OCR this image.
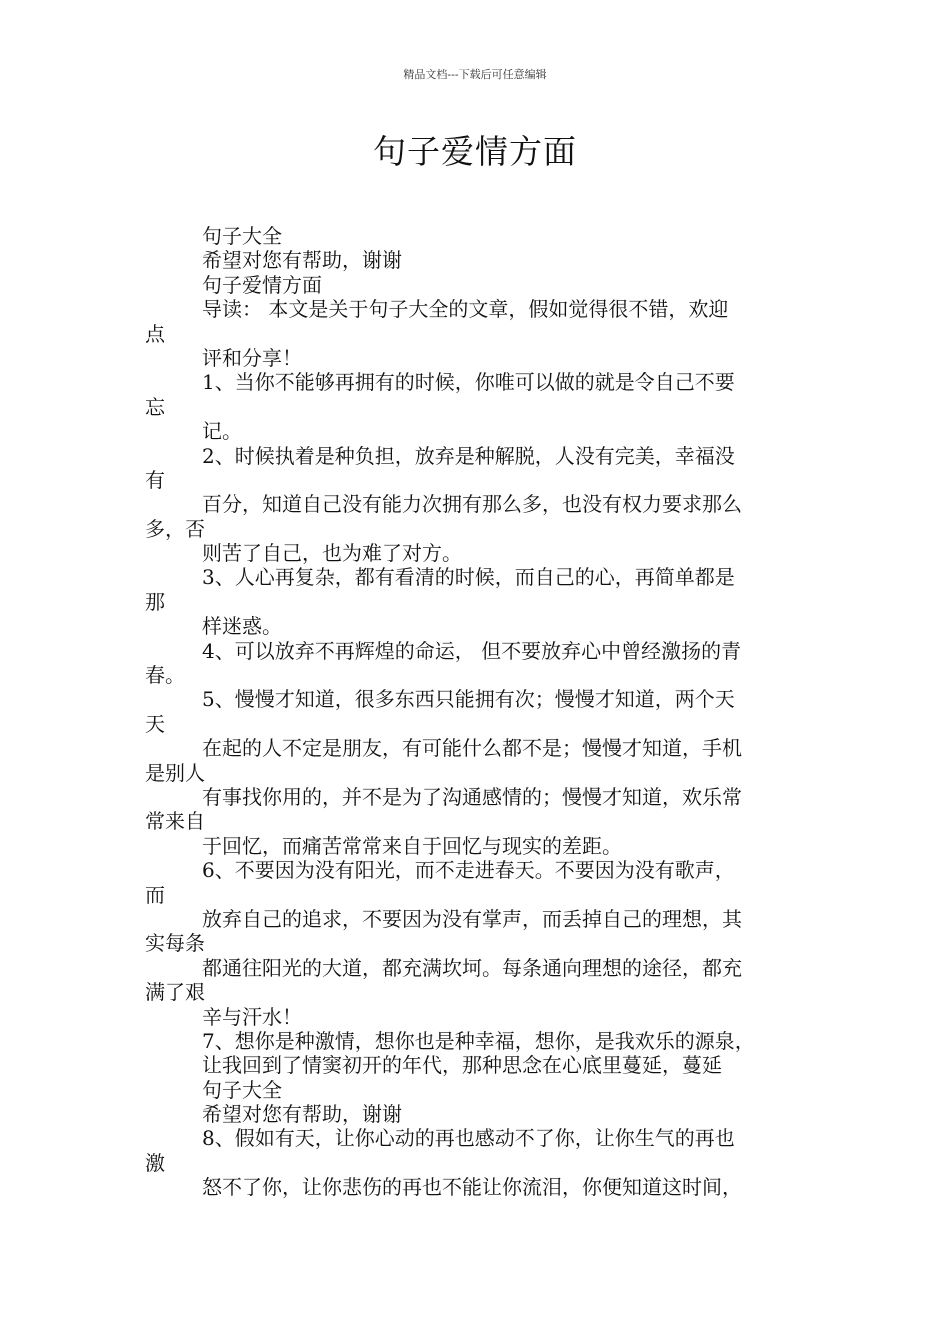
精品文档---下载后可任意编辑
句子爱情方面
句子大全
希望对您有帮助，谢谢
句子爱情方面
导读： 本文是关于句子大全的文章，假如觉得很不错，欢迎
点
评和分享！
1、当你不能够再拥有的时候，你唯可以做的就是令自己不要
忘
记。
2、时候执着是种负担，放弃是种解脱，人没有完美，幸福没
有
百分，知道自己没有能力次拥有那么多，也没有权力要求那么
多，否
则苦了自己，也为难了对方。
3、人心再复杂，都有看清的时候，而自己的心，再简单都是
那
样迷惑。
4、可以放弃不再辉煌的命运， 但不要放弃心中曾经激扬的青
春。
5、慢慢才知道，很多东西只能拥有次；慢慢才知道，两个天
天
在起的人不定是朋友，有可能什么都不是；慢慢才知道，手机
是别人
有事找你用的，并不是为了沟通感情的；慢慢才知道，欢乐常
常来自
于回忆，而痛苦常常来自于回忆与现实的差距。
6、不要因为没有阳光，而不走进春天。不要因为没有歌声，
而
放弃自己的追求，不要因为没有掌声，而丢掉自己的理想，其
实每条
都通往阳光的大道，都充满坎坷。每条通向理想的途径，都充
满了艰
辛与汗水！
7、想你是种激情，想你也是种幸福，想你，是我欢乐的源泉，
让我回到了情窦初开的年代，那种思念在心底里蔓延，蔓延
句子大全
希望对您有帮助，谢谢
8、假如有天，让你心动的再也感动不了你，让你生气的再也
激
怒不了你，让你悲伤的再也不能让你流泪，你便知道这时间，
